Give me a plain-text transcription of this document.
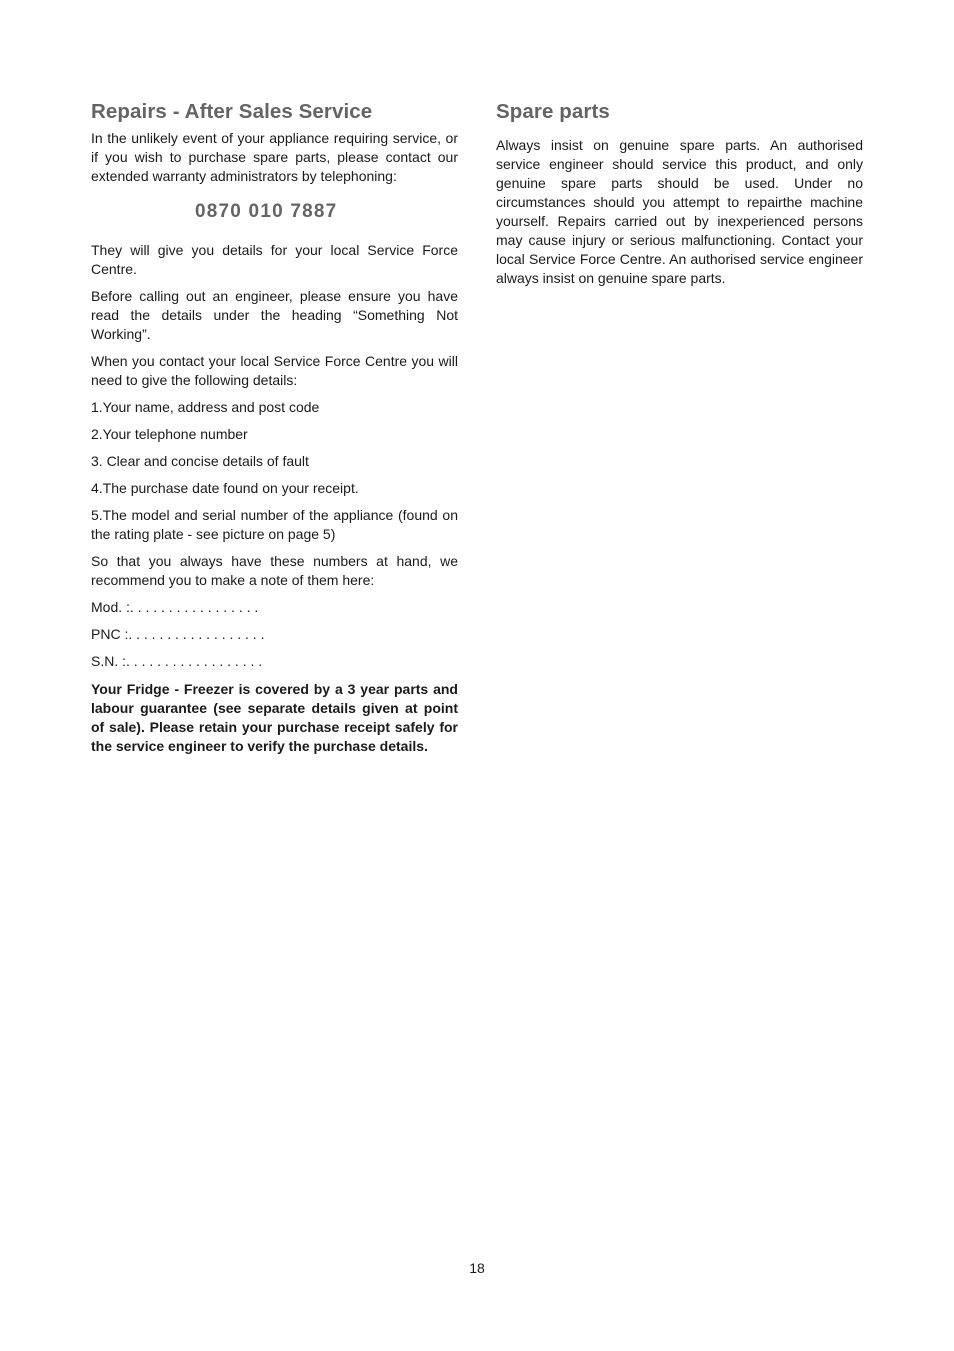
Repairs - After Sales Service

In the unlikely event of your appliance requiring service, or if you wish to purchase spare parts, please contact our extended warranty administrators by telephoning:

0870 010 7887

They will give you details for your local Service Force Centre.

Before calling out an engineer, please ensure you have read the details under the heading “Something Not Working”.

When you contact your local Service Force Centre you will need to give the following details:

1.Your name, address and post code

2.Your telephone number

3. Clear and concise details of fault

4.The purchase date found on your receipt.

5.The model and serial number of the appliance (found on the rating plate - see picture on page 5)

So that you always have these numbers at hand, we recommend you to make a note of them here:

Mod. :. . . . . . . . . . . . . . . . .

PNC :. . . . . . . . . . . . . . . . . .

S.N. :. . . . . . . . . . . . . . . . . .

Your Fridge - Freezer is covered by a 3 year parts and labour guarantee (see separate details given at point of sale). Please retain your purchase receipt safely for the service engineer to verify the purchase details.

Spare parts

Always insist on genuine spare parts. An authorised service engineer should service this product, and only genuine spare parts should be used. Under no circumstances should you attempt to repairthe machine yourself. Repairs carried out by inexperienced persons may cause injury or serious malfunctioning. Contact your local Service Force Centre. An authorised service engineer always insist on genuine spare parts.

18
